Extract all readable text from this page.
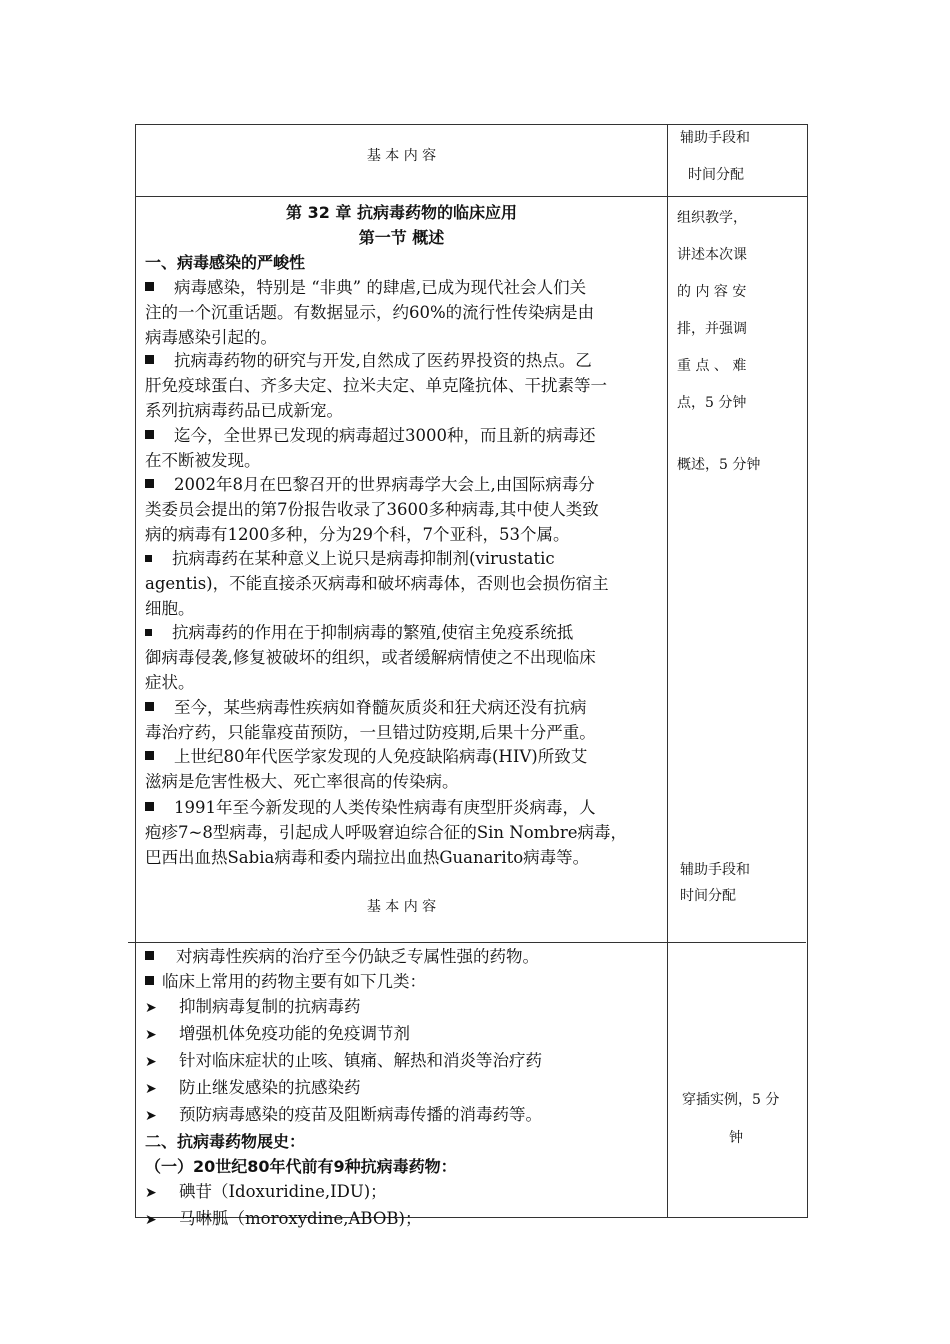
基 本 内 容
辅助手段和
时间分配
第 32 章 抗病毒药物的临床应用
第一节 概述
一、病毒感染的严峻性
病毒感染，特别是 “非典” 的肆虐,已成为现代社会人们关
注的一个沉重话题。有数据显示，约60%的流行性传染病是由
病毒感染引起的。
抗病毒药物的研究与开发,自然成了医药界投资的热点。乙
肝免疫球蛋白、齐多夫定、拉米夫定、单克隆抗体、干扰素等一
系列抗病毒药品已成新宠。
迄今，全世界已发现的病毒超过3000种，而且新的病毒还
在不断被发现。
2002年8月在巴黎召开的世界病毒学大会上,由国际病毒分
类委员会提出的第7份报告收录了3600多种病毒,其中使人类致
病的病毒有1200多种，分为29个科，7个亚科，53个属。
抗病毒药在某种意义上说只是病毒抑制剂(virustatic
agentis)，不能直接杀灭病毒和破坏病毒体，否则也会损伤宿主
细胞。
抗病毒药的作用在于抑制病毒的繁殖,使宿主免疫系统抵
御病毒侵袭,修复被破坏的组织，或者缓解病情使之不出现临床
症状。
至今，某些病毒性疾病如脊髓灰质炎和狂犬病还没有抗病
毒治疗药，只能靠疫苗预防，一旦错过防疫期,后果十分严重。
上世纪80年代医学家发现的人免疫缺陷病毒(HIV)所致艾
滋病是危害性极大、死亡率很高的传染病。
1991年至今新发现的人类传染性病毒有庚型肝炎病毒，人
疱疹7~8型病毒，引起成人呼吸窘迫综合征的Sin Nombre病毒，
巴西出血热Sabia病毒和委内瑞拉出血热Guanarito病毒等。
组织教学，
讲述本次课
的 内 容 安
排，并强调
重 点 、 难
点，5 分钟
概述，5 分钟
基 本 内 容
辅助手段和
时间分配
对病毒性疾病的治疗至今仍缺乏专属性强的药物。
临床上常用的药物主要有如下几类：
➤ 抑制病毒复制的抗病毒药
➤ 增强机体免疫功能的免疫调节剂
➤ 针对临床症状的止咳、镇痛、解热和消炎等治疗药
➤ 防止继发感染的抗感染药
➤ 预防病毒感染的疫苗及阻断病毒传播的消毒药等。
二、抗病毒药物展史：
（一）20世纪80年代前有9种抗病毒药物：
➤ 碘苷（Idoxuridine,IDU)；
➤ 马啉胍（moroxydine,ABOB)；
穿插实例，5 分
钟
